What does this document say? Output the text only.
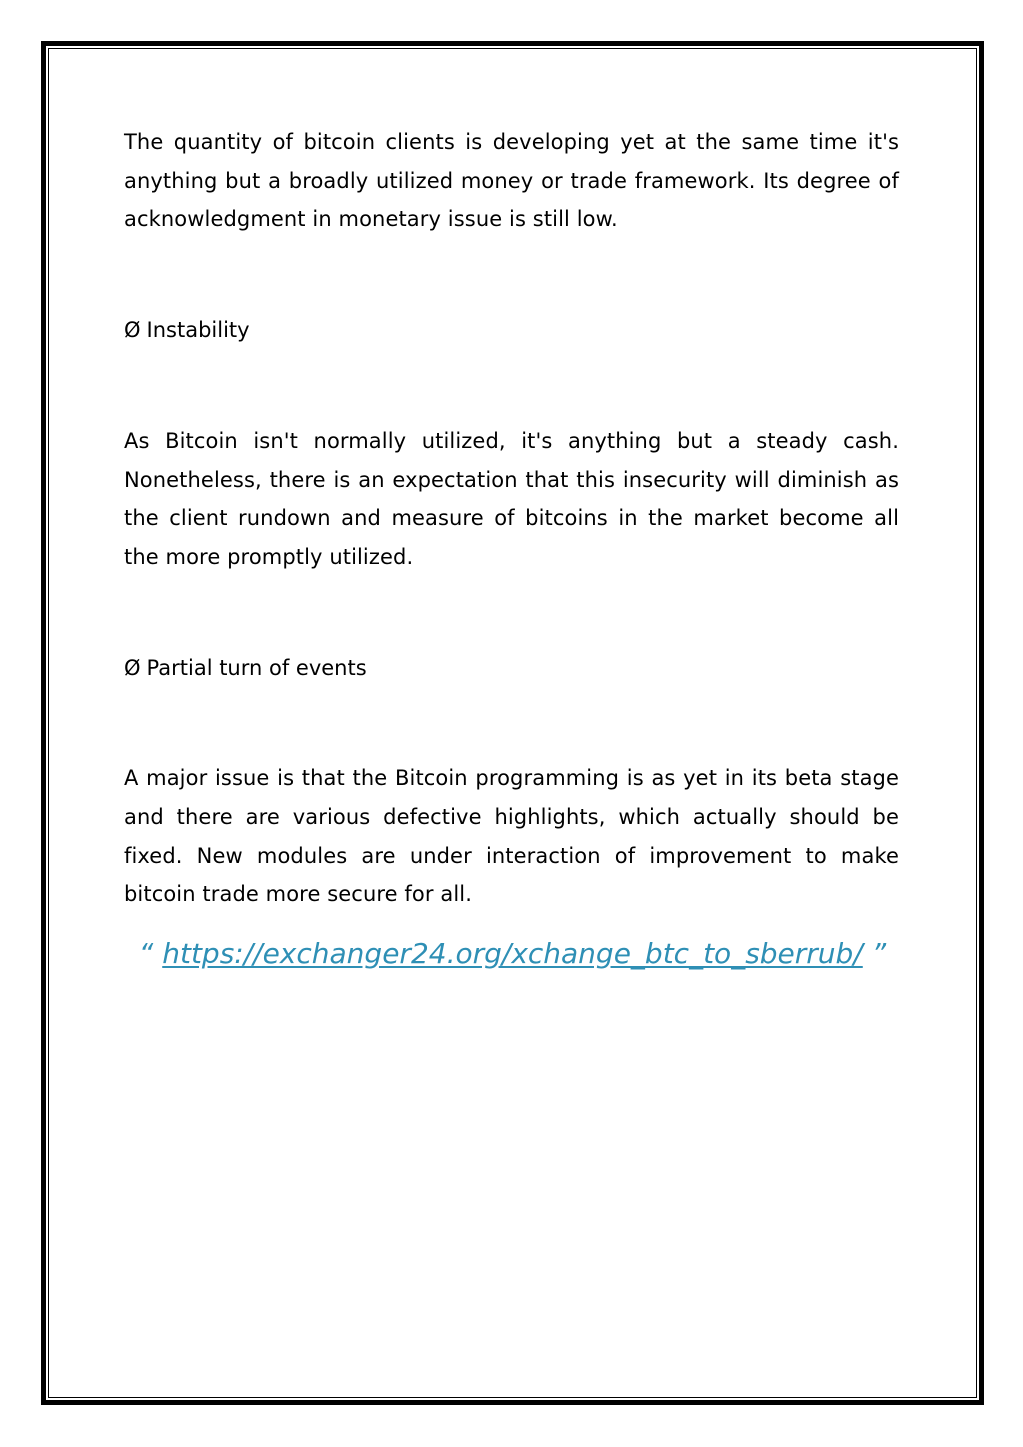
The quantity of bitcoin clients is developing yet at the same time it's anything but a broadly utilized money or trade framework. Its degree of acknowledgment in monetary issue is still low.

Ø Instability

As Bitcoin isn't normally utilized, it's anything but a steady cash. Nonetheless, there is an expectation that this insecurity will diminish as the client rundown and measure of bitcoins in the market become all the more promptly utilized.

Ø Partial turn of events

A major issue is that the Bitcoin programming is as yet in its beta stage and there are various defective highlights, which actually should be fixed. New modules are under interaction of improvement to make bitcoin trade more secure for all.

“ https://exchanger24.org/xchange_btc_to_sberrub/ ”
